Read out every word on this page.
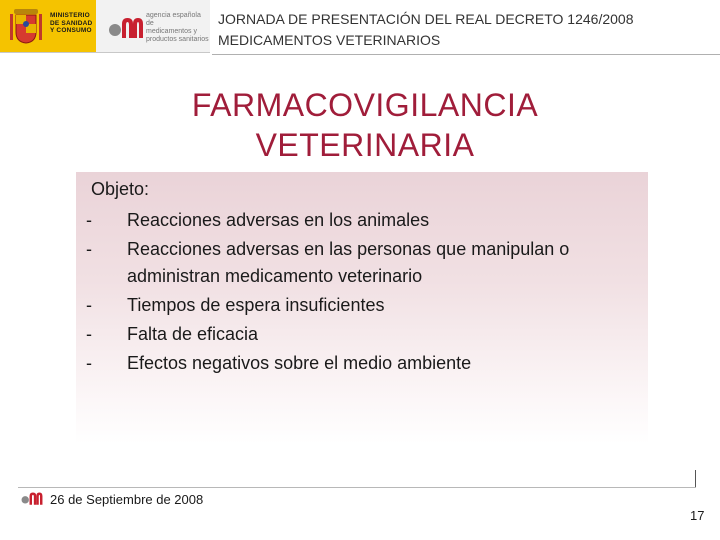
MINISTERIO
DE SANIDAD
Y CONSUMO
agencia española de
medicamentos y
productos sanitarios
JORNADA DE PRESENTACIÓN DEL REAL DECRETO 1246/2008
MEDICAMENTOS VETERINARIOS
FARMACOVIGILANCIA
VETERINARIA
Objeto:
-	Reacciones adversas en los animales
-	Reacciones adversas en las personas que manipulan o administran medicamento veterinario
-	Tiempos de espera insuficientes
-	Falta de eficacia
-	Efectos negativos sobre el medio ambiente
26 de Septiembre de 2008
17
